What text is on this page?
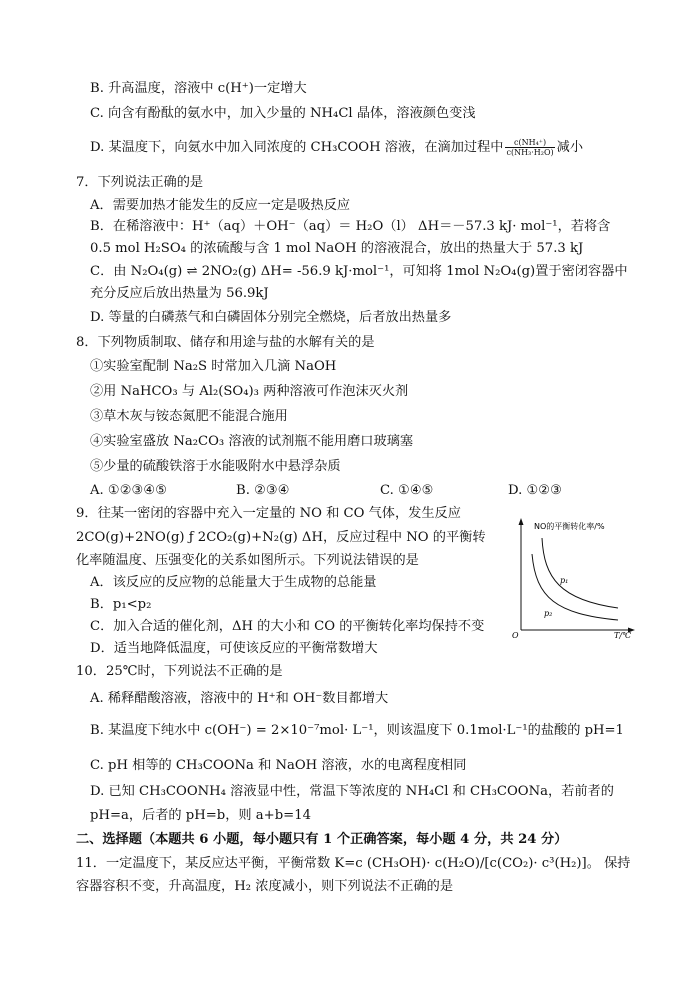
B. 升高温度，溶液中 c(H⁺)一定增大
C. 向含有酚酞的氨水中，加入少量的 NH₄Cl 晶体，溶液颜色变浅
D. 某温度下，向氨水中加入同浓度的 CH₃COOH 溶液，在滴加过程中 $\frac{\text{c(NH₄⁺)}}{\text{c(NH₃·H₂O)}}$ 减小
7．下列说法正确的是
A．需要加热才能发生的反应一定是吸热反应
B．在稀溶液中：H⁺（aq）＋OH⁻（aq）＝ H₂O（l） ΔH＝－57.3 kJ· mol⁻¹，若将含
0.5 mol H₂SO₄ 的浓硫酸与含 1 mol NaOH 的溶液混合，放出的热量大于 57.3 kJ
C．由 N₂O₄(g) ⇌ 2NO₂(g) ΔH= -56.9 kJ·mol⁻¹，可知将 1mol N₂O₄(g)置于密闭容器中
充分反应后放出热量为 56.9kJ
D. 等量的白磷蒸气和白磷固体分别完全燃烧，后者放出热量多
8．下列物质制取、储存和用途与盐的水解有关的是
①实验室配制 Na₂S 时常加入几滴 NaOH
②用 NaHCO₃ 与 Al₂(SO₄)₃ 两种溶液可作泡沫灭火剂
③草木灰与铵态氮肥不能混合施用
④实验室盛放 Na₂CO₃ 溶液的试剂瓶不能用磨口玻璃塞
⑤少量的硫酸铁溶于水能吸附水中悬浮杂质
A. ①②③④⑤	B. ②③④	C. ①④⑤	D. ①②③
9．往某一密闭的容器中充入一定量的 NO 和 CO 气体，发生反应
2CO(g)+2NO(g) ƒ 2CO₂(g)+N₂(g) ΔH，反应过程中 NO 的平衡转
化率随温度、压强变化的关系如图所示。下列说法错误的是
A．该反应的反应物的总能量大于生成物的总能量
B．p₁<p₂
C．加入合适的催化剂，ΔH 的大小和 CO 的平衡转化率均保持不变
D．适当地降低温度，可使该反应的平衡常数增大
NO的平衡转化率/%
p₁
p₂
O	T/℃
10．25℃时，下列说法不正确的是
A. 稀释醋酸溶液，溶液中的 H⁺和 OH⁻数目都增大
B. 某温度下纯水中 c(OH⁻) = 2×10⁻⁷mol· L⁻¹，则该温度下 0.1mol·L⁻¹的盐酸的 pH=1
C. pH 相等的 CH₃COONa 和 NaOH 溶液，水的电离程度相同
D. 已知 CH₃COONH₄ 溶液显中性，常温下等浓度的 NH₄Cl 和 CH₃COONa，若前者的
pH=a，后者的 pH=b，则 a+b=14
二、选择题（本题共 6 小题，每小题只有 1 个正确答案，每小题 4 分，共 24 分）
11．一定温度下，某反应达平衡，平衡常数 K=c (CH₃OH)· c(H₂O)/[c(CO₂)· c³(H₂)]。 保持
容器容积不变，升高温度，H₂ 浓度减小，则下列说法不正确的是
